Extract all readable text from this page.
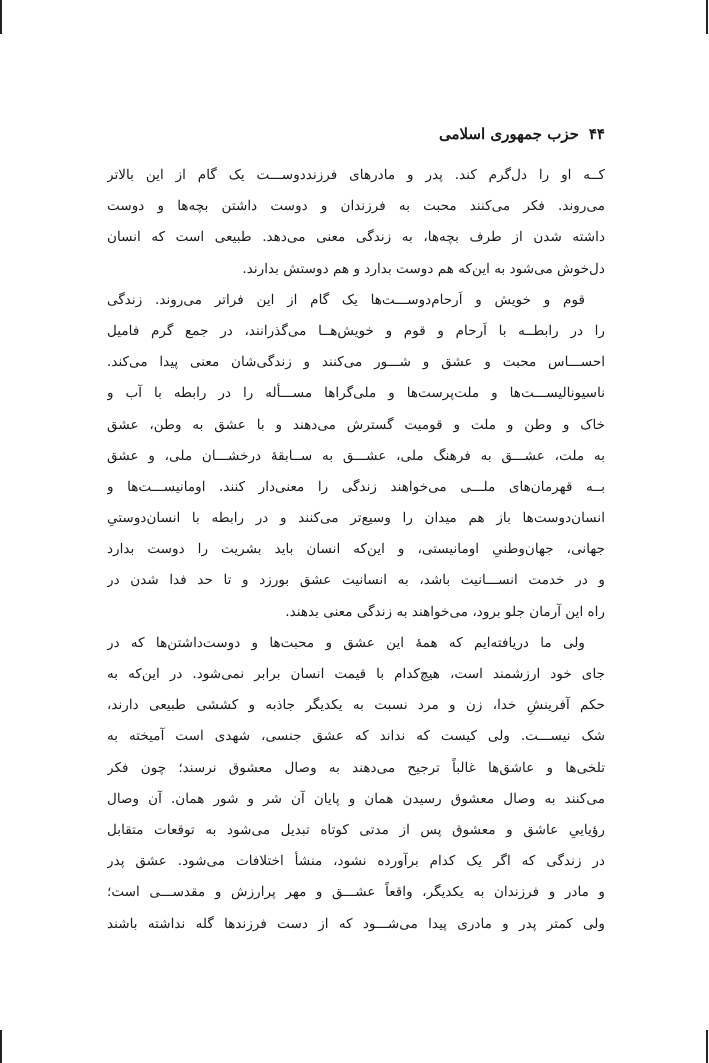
۴۴
حزب جمهوری اسلامی
کــه او را دل‌گرم کند. پدر و مادرهای فرزنددوســـت یک گام از این بالاتر
می‌روند. فکر می‌کنند محبت به فرزندان و دوست داشتن بچه‌ها و دوست
داشته شدن از طرف بچه‌ها، به زندگی معنی می‌دهد. طبیعی است که انسان
دل‌خوش می‌شود به این‌که هم دوست بدارد و هم دوستش بدارند.
قوم و خویش و اَرحام‌دوســـت‌ها یک گام از این فراتر می‌روند. زندگی
را در رابطــه با اَرحام و قوم و خویش‌هــا می‌گذرانند، در جمع گرم فامیل
احســـاس محبت و عشق و شـــور می‌کنند و زندگی‌شان معنی پیدا می‌کند.
ناسیونالیســـت‌ها و ملت‌پرست‌ها و ملی‌گراها مســـأله را در رابطه با آب و
خاک و وطن و ملت و قومیت گسترش می‌دهند و با عشق به وطن، عشق
به ملت، عشـــق به فرهنگ ملی، عشـــق به ســابقهٔ درخشـــان ملی، و عشق
بــه قهرمان‌های ملـــی می‌خواهند زندگی را معنی‌دار کنند. اومانیســـت‌ها و
انسان‌دوست‌ها باز هم میدان را وسیع‌تر می‌کنند و در رابطه با انسان‌دوستیِ
جهانی، جهان‌وطنیِ اومانیستی، و این‌که انسان باید بشریت را دوست بدارد
و در خدمت انســـانیت باشد، به انسانیت عشق بورزد و تا حد فدا شدن در
راه این آرمان جلو برود، می‌خواهند به زندگی معنی بدهند.
ولی ما دریافته‌ایم که همهٔ این عشق و محبت‌ها و دوست‌داشتن‌ها که در
جای خود ارزشمند است، هیچ‌کدام با قیمت انسان برابر نمی‌شود. در این‌که به
حکم آفرینشِ خدا، زن و مرد نسبت به یکدیگر جاذبه و کششی طبیعی دارند،
شک نیســـت. ولی کیست که نداند که عشق جنسی، شهدی است آمیخته به
تلخی‌ها و عاشق‌ها غالباً ترجیح می‌دهند به وصال معشوق نرسند؛ چون فکر
می‌کنند به وصال معشوق رسیدن همان و پایان آن شر و شور همان. آن وصال
رؤیاییِ عاشق و معشوق پس از مدتی کوتاه تبدیل می‌شود به توقعات متقابل
در زندگی که اگر یک کدام برآورده نشود، منشأ اختلافات می‌شود. عشق پدر
و مادر و فرزندان به یکدیگر، واقعاً عشـــق و مهر پرارزش و مقدســـی است؛
ولی کمتر پدر و مادری پیدا می‌شـــود که از دست فرزندها گله نداشته باشند
